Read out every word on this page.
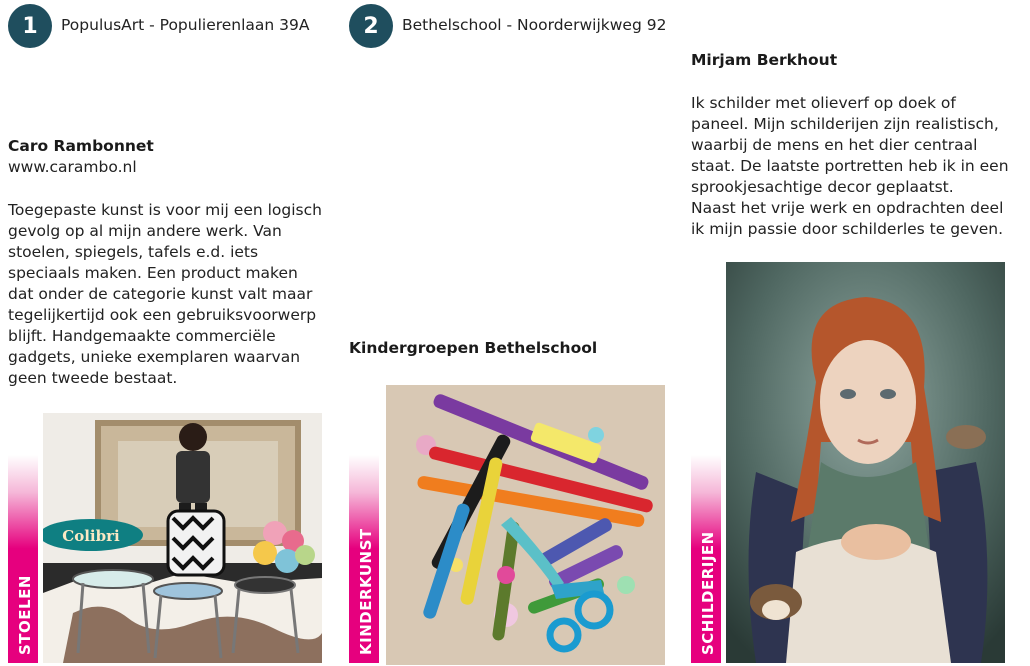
1	PopulusArt - Populierenlaan 39A	2	Bethelschool - Noorderwijkweg 92
Caro Rambonnet
www.carambo.nl

Toegepaste kunst is voor mij een logisch gevolg op al mijn andere werk. Van stoelen, spiegels, tafels e.d. iets speciaals maken. Een product maken dat onder de categorie kunst valt maar tegelijkertijd ook een gebruiksvoorwerp blijft. Handgemaakte commerciële gadgets, unieke exemplaren waarvan geen tweede bestaat.

Colibri
STOELEN
Kindergroepen Bethelschool
KINDERKUNST
Mirjam Berkhout

Ik schilder met olieverf op doek of paneel. Mijn schilderijen zijn realistisch, waarbij de mens en het dier centraal staat. De laatste portretten heb ik in een sprookjesachtige decor geplaatst.

Naast het vrije werk en opdrachten deel ik mijn passie door schilderles te geven.

SCHILDERIJEN
